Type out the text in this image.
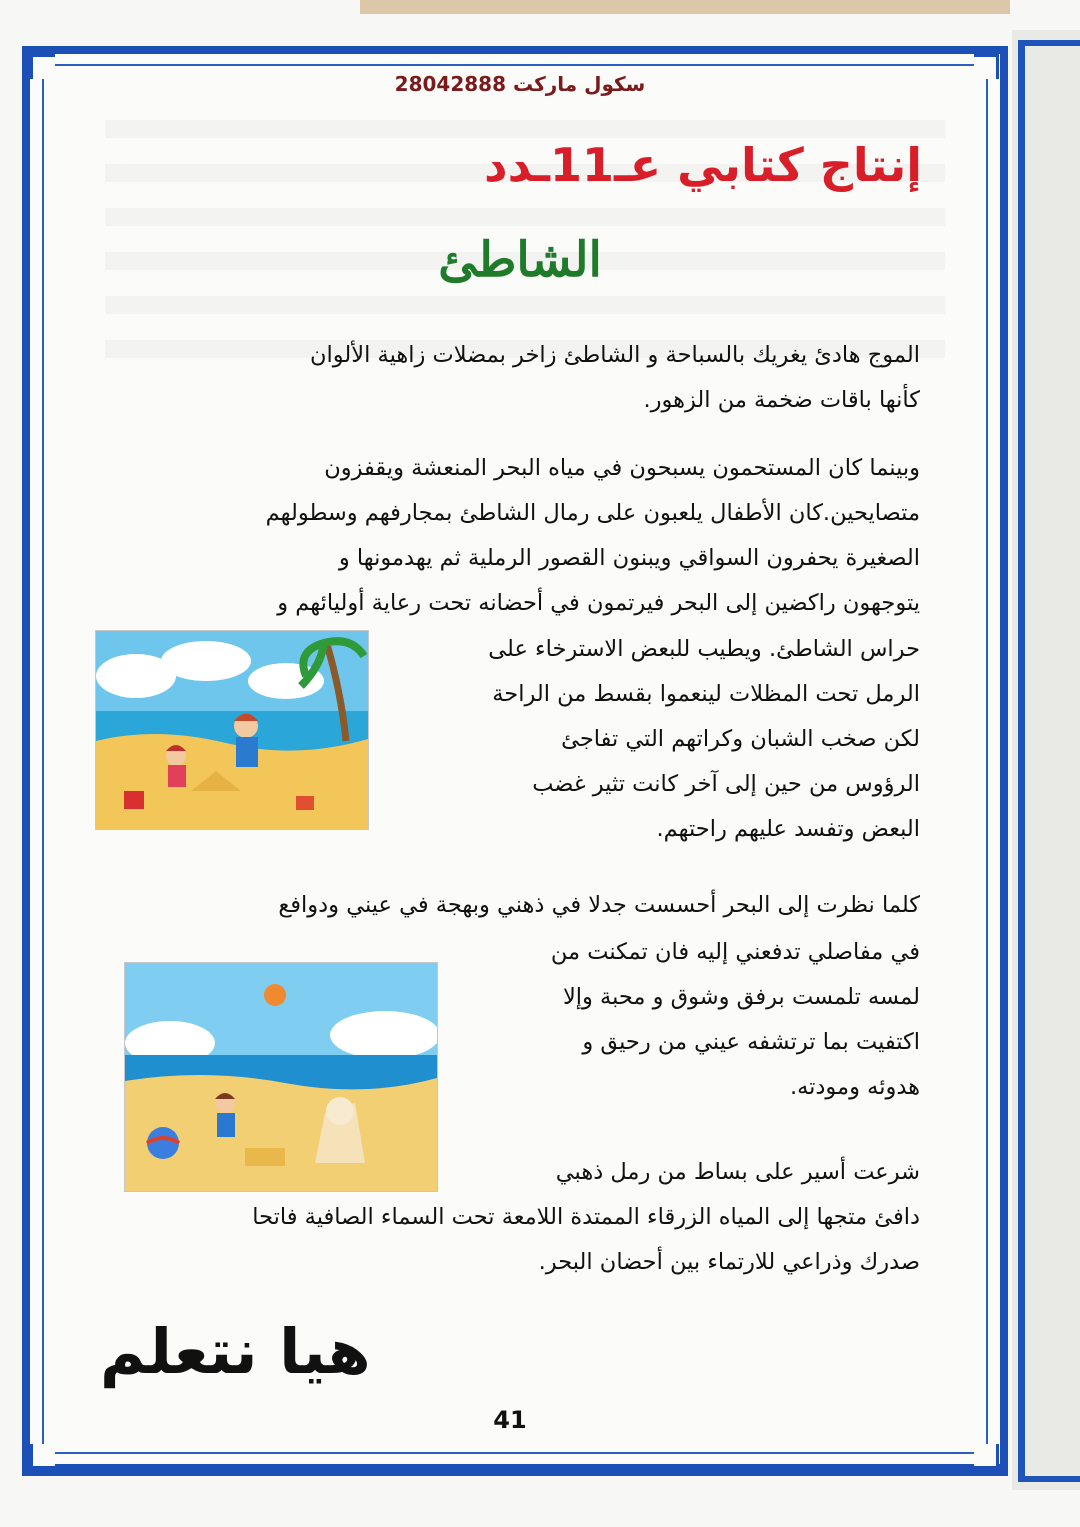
سكول ماركت 28042888
إنتاج كتابي عـ11ـدد
الشاطئ
الموج هادئ يغريك بالسباحة و الشاطئ زاخر بمضلات زاهية الألوان
كأنها باقات ضخمة من الزهور.
وبينما كان المستحمون يسبحون في مياه البحر المنعشة ويقفزون
متصايحين.كان الأطفال يلعبون على رمال الشاطئ بمجارفهم وسطولهم
الصغيرة يحفرون السواقي ويبنون القصور الرملية ثم يهدمونها و
يتوجهون راكضين إلى البحر فيرتمون في أحضانه تحت رعاية أوليائهم و
حراس الشاطئ. ويطيب للبعض الاسترخاء على
الرمل تحت المظلات لينعموا بقسط من الراحة
لكن صخب الشبان وكراتهم التي تفاجئ
الرؤوس من حين إلى آخر كانت تثير غضب
البعض وتفسد عليهم راحتهم.
كلما نظرت إلى البحر أحسست جدلا في ذهني وبهجة في عيني ودوافع
في مفاصلي تدفعني إليه فان تمكنت من
لمسه تلمست برفق وشوق و محبة وإلا
اكتفيت بما ترتشفه عيني من رحيق و
هدوئه ومودته.
شرعت أسير على بساط من رمل ذهبي
دافئ متجها إلى المياه الزرقاء الممتدة اللامعة تحت السماء الصافية فاتحا
صدرك وذراعي للارتماء بين أحضان البحر.
هيا نتعلم
41
